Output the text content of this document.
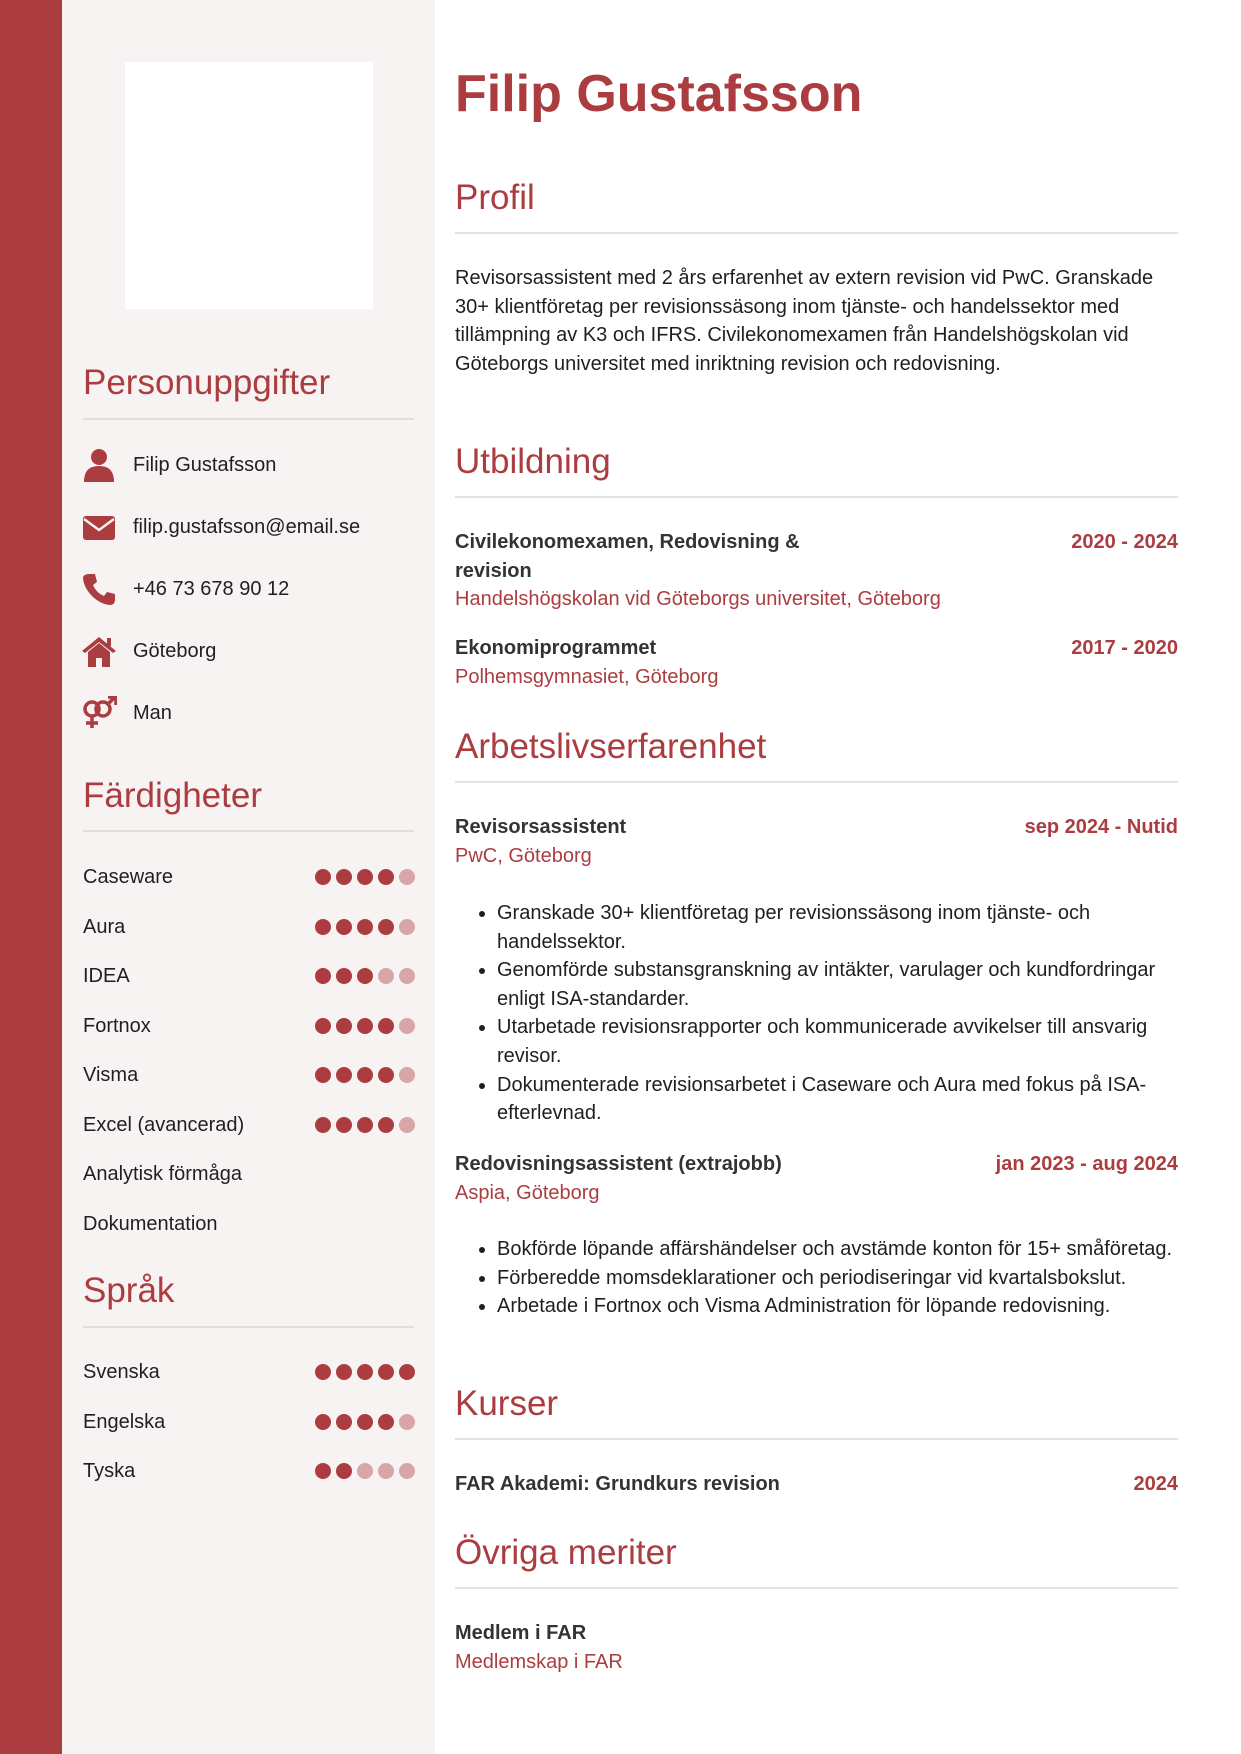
Personuppgifter
Filip Gustafsson
filip.gustafsson@email.se
+46 73 678 90 12
Göteborg
Man
Färdigheter
Caseware
Aura
IDEA
Fortnox
Visma
Excel (avancerad)
Analytisk förmåga
Dokumentation
Språk
Svenska
Engelska
Tyska
Filip Gustafsson
Profil

Revisorsassistent med 2 års erfarenhet av extern revision vid PwC. Granskade 30+ klientföretag per revisionssäsong inom tjänste- och handelssektor med tillämpning av K3 och IFRS. Civilekonomexamen från Handelshögskolan vid Göteborgs universitet med inriktning revision och redovisning.

Utbildning
Civilekonomexamen, Redovisning & revision
2020 - 2024
Handelshögskolan vid Göteborgs universitet, Göteborg
Ekonomiprogrammet	2017 - 2020
Polhemsgymnasiet, Göteborg
Arbetslivserfarenhet
Revisorsassistent	sep 2024 - Nutid
PwC, Göteborg
• Granskade 30+ klientföretag per revisionssäsong inom tjänste- och handelssektor.
• Genomförde substansgranskning av intäkter, varulager och kundfordringar enligt ISA-standarder.
• Utarbetade revisionsrapporter och kommunicerade avvikelser till ansvarig revisor.
• Dokumenterade revisionsarbetet i Caseware och Aura med fokus på ISA-efterlevnad.
Redovisningsassistent (extrajobb)	jan 2023 - aug 2024
Aspia, Göteborg
• Bokförde löpande affärshändelser och avstämde konton för 15+ småföretag.
• Förberedde momsdeklarationer och periodiseringar vid kvartalsbokslut.
• Arbetade i Fortnox och Visma Administration för löpande redovisning.
Kurser
FAR Akademi: Grundkurs revision	2024
Övriga meriter
Medlem i FAR
Medlemskap i FAR
